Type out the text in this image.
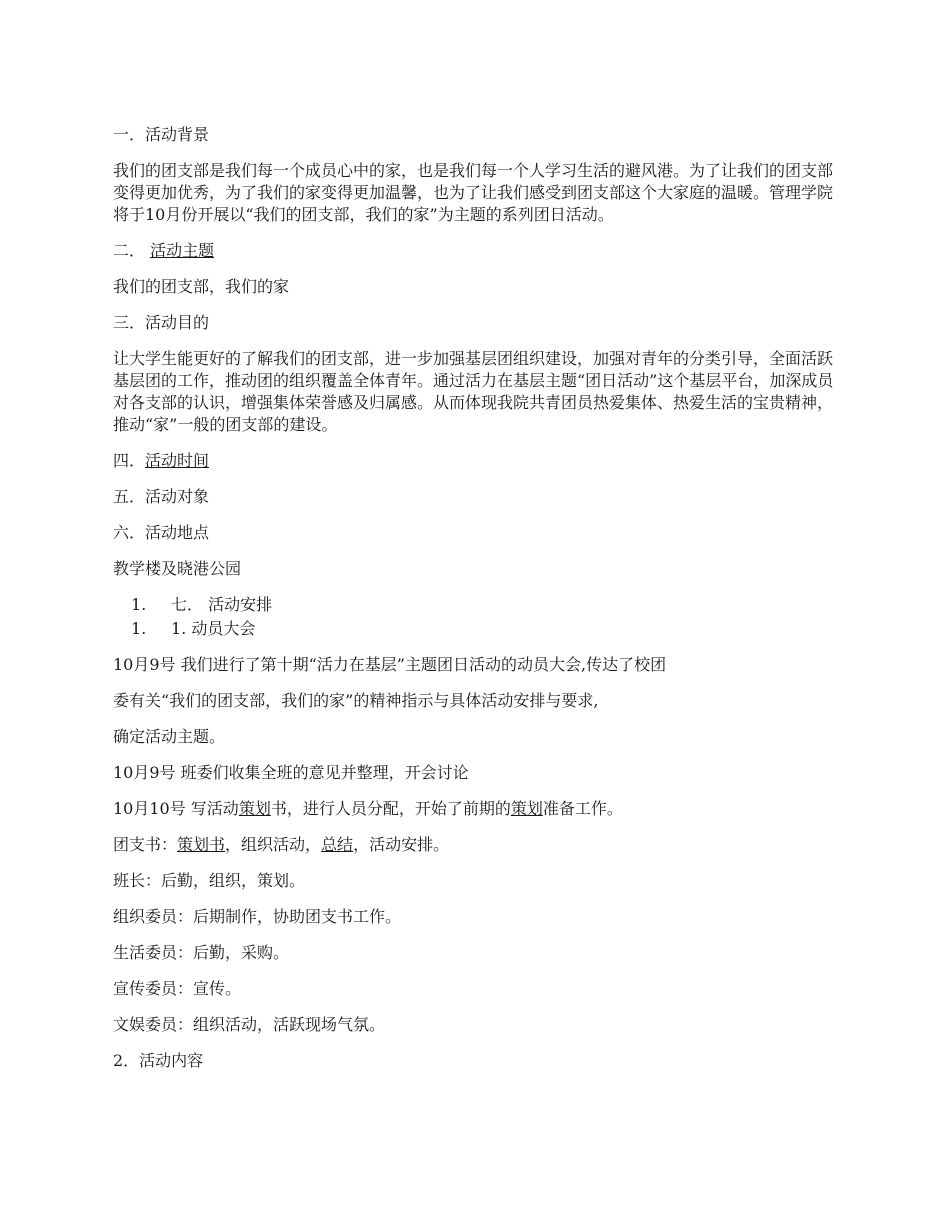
一．活动背景

我们的团支部是我们每一个成员心中的家，也是我们每一个人学习生活的避风港。为了让我们的团支部变得更加优秀，为了我们的家变得更加温馨，也为了让我们感受到团支部这个大家庭的温暖。管理学院将于10月份开展以“我们的团支部，我们的家”为主题的系列团日活动。

二． 活动主题

我们的团支部，我们的家

三．活动目的

让大学生能更好的了解我们的团支部，进一步加强基层团组织建设，加强对青年的分类引导，全面活跃基层团的工作，推动团的组织覆盖全体青年。通过活力在基层主题“团日活动”这个基层平台，加深成员对各支部的认识，增强集体荣誉感及归属感。从而体现我院共青团员热爱集体、热爱生活的宝贵精神，推动“家”一般的团支部的建设。

四．活动时间

五．活动对象

六．活动地点

教学楼及晓港公园

1.	七． 活动安排
1.	1. 动员大会

10月9号 我们进行了第十期“活力在基层”主题团日活动的动员大会,传达了校团

委有关“我们的团支部，我们的家”的精神指示与具体活动安排与要求,

确定活动主题。

10月9号 班委们收集全班的意见并整理，开会讨论

10月10号 写活动策划书，进行人员分配，开始了前期的策划准备工作。

团支书：策划书，组织活动，总结，活动安排。

班长：后勤，组织，策划。

组织委员：后期制作，协助团支书工作。

生活委员：后勤，采购。

宣传委员：宣传。

文娱委员：组织活动，活跃现场气氛。

2．活动内容
